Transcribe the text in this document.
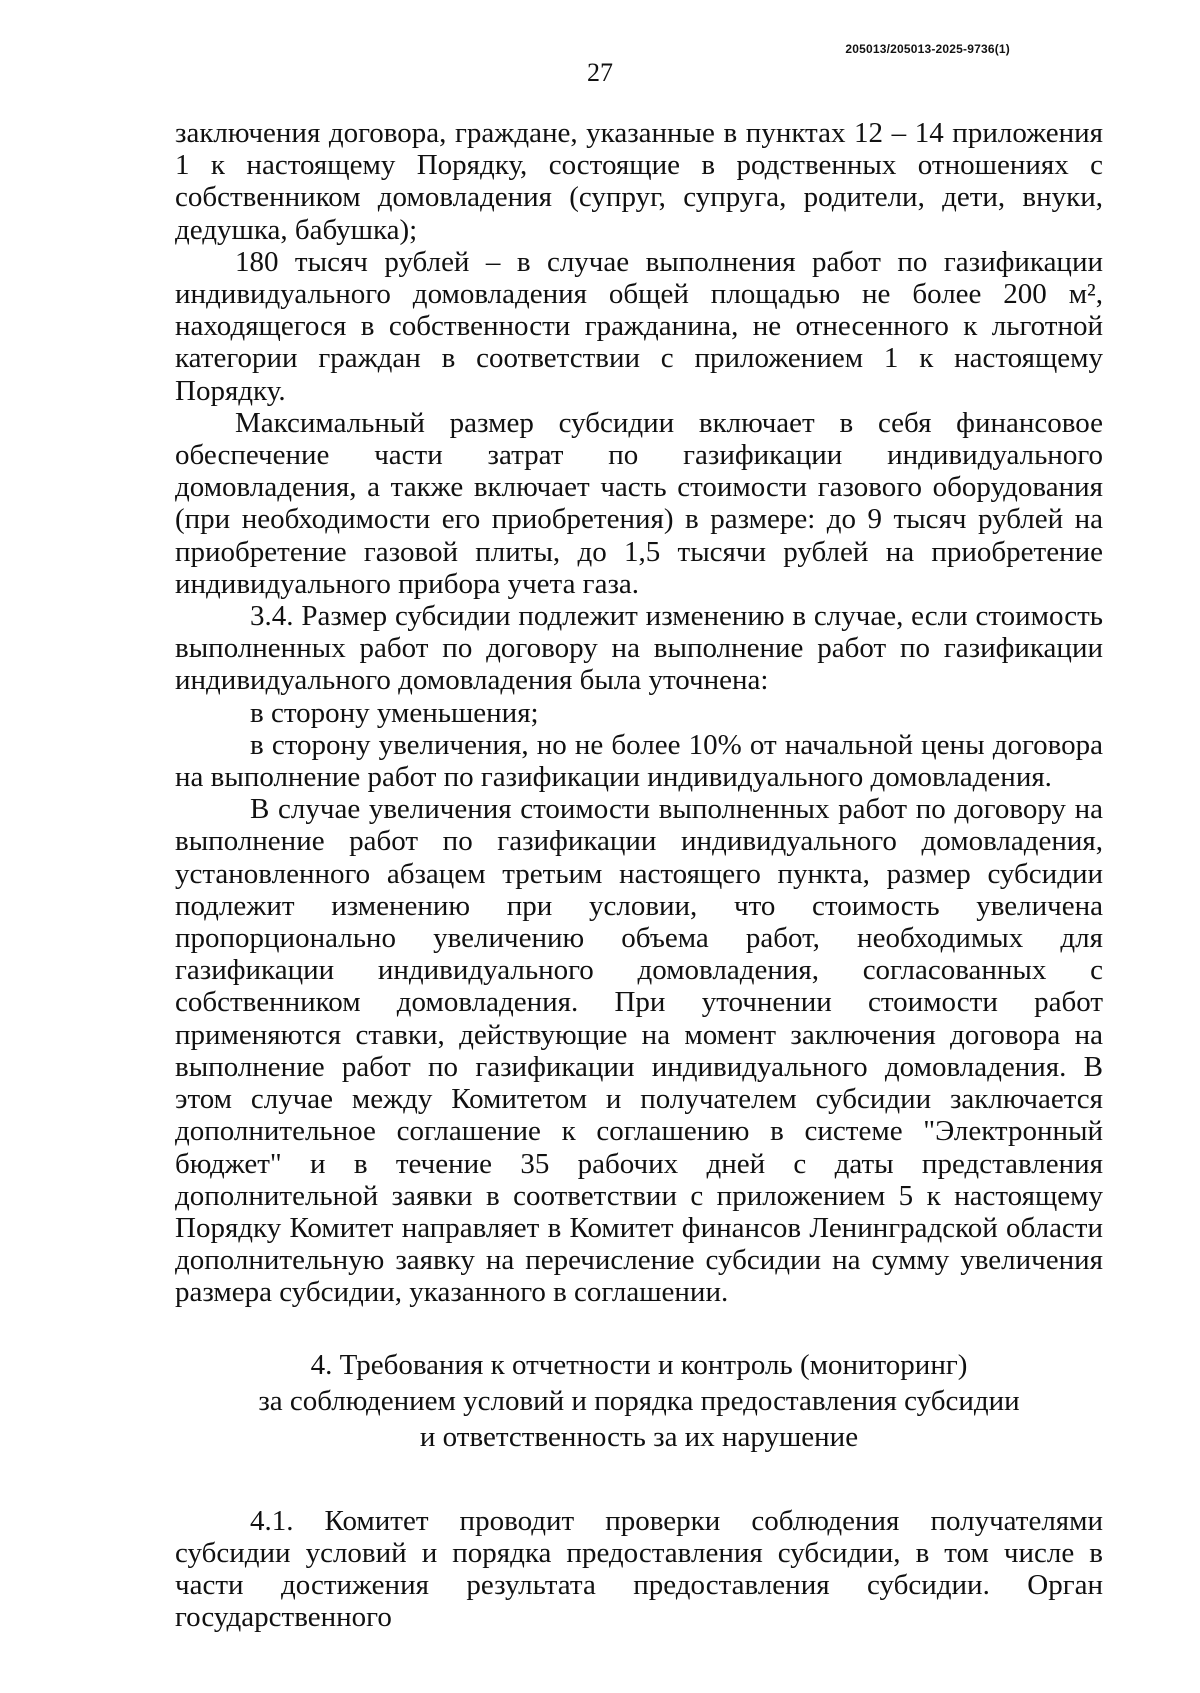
205013/205013-2025-9736(1)
27

заключения договора, граждане, указанные в пунктах 12 – 14 приложения 1 к настоящему Порядку, состоящие в родственных отношениях с собственником домовладения (супруг, супруга, родители, дети, внуки, дедушка, бабушка);

180 тысяч рублей – в случае выполнения работ по газификации индивидуального домовладения общей площадью не более 200 м², находящегося в собственности гражданина, не отнесенного к льготной категории граждан в соответствии с приложением 1 к настоящему Порядку.

Максимальный размер субсидии включает в себя финансовое обеспечение части затрат по газификации индивидуального домовладения, а также включает часть стоимости газового оборудования (при необходимости его приобретения) в размере: до 9 тысяч рублей на приобретение газовой плиты, до 1,5 тысячи рублей на приобретение индивидуального прибора учета газа.

3.4. Размер субсидии подлежит изменению в случае, если стоимость выполненных работ по договору на выполнение работ по газификации индивидуального домовладения была уточнена:

в сторону уменьшения;

в сторону увеличения, но не более 10% от начальной цены договора на выполнение работ по газификации индивидуального домовладения.

В случае увеличения стоимости выполненных работ по договору на выполнение работ по газификации индивидуального домовладения, установленного абзацем третьим настоящего пункта, размер субсидии подлежит изменению при условии, что стоимость увеличена пропорционально увеличению объема работ, необходимых для газификации индивидуального домовладения, согласованных с собственником домовладения. При уточнении стоимости работ применяются ставки, действующие на момент заключения договора на выполнение работ по газификации индивидуального домовладения. В этом случае между Комитетом и получателем субсидии заключается дополнительное соглашение к соглашению в системе "Электронный бюджет" и в течение 35 рабочих дней с даты представления дополнительной заявки в соответствии с приложением 5 к настоящему Порядку Комитет направляет в Комитет финансов Ленинградской области дополнительную заявку на перечисление субсидии на сумму увеличения размера субсидии, указанного в соглашении.

4. Требования к отчетности и контроль (мониторинг)
за соблюдением условий и порядка предоставления субсидии
и ответственность за их нарушение

4.1. Комитет проводит проверки соблюдения получателями субсидии условий и порядка предоставления субсидии, в том числе в части достижения результата предоставления субсидии. Орган государственного
